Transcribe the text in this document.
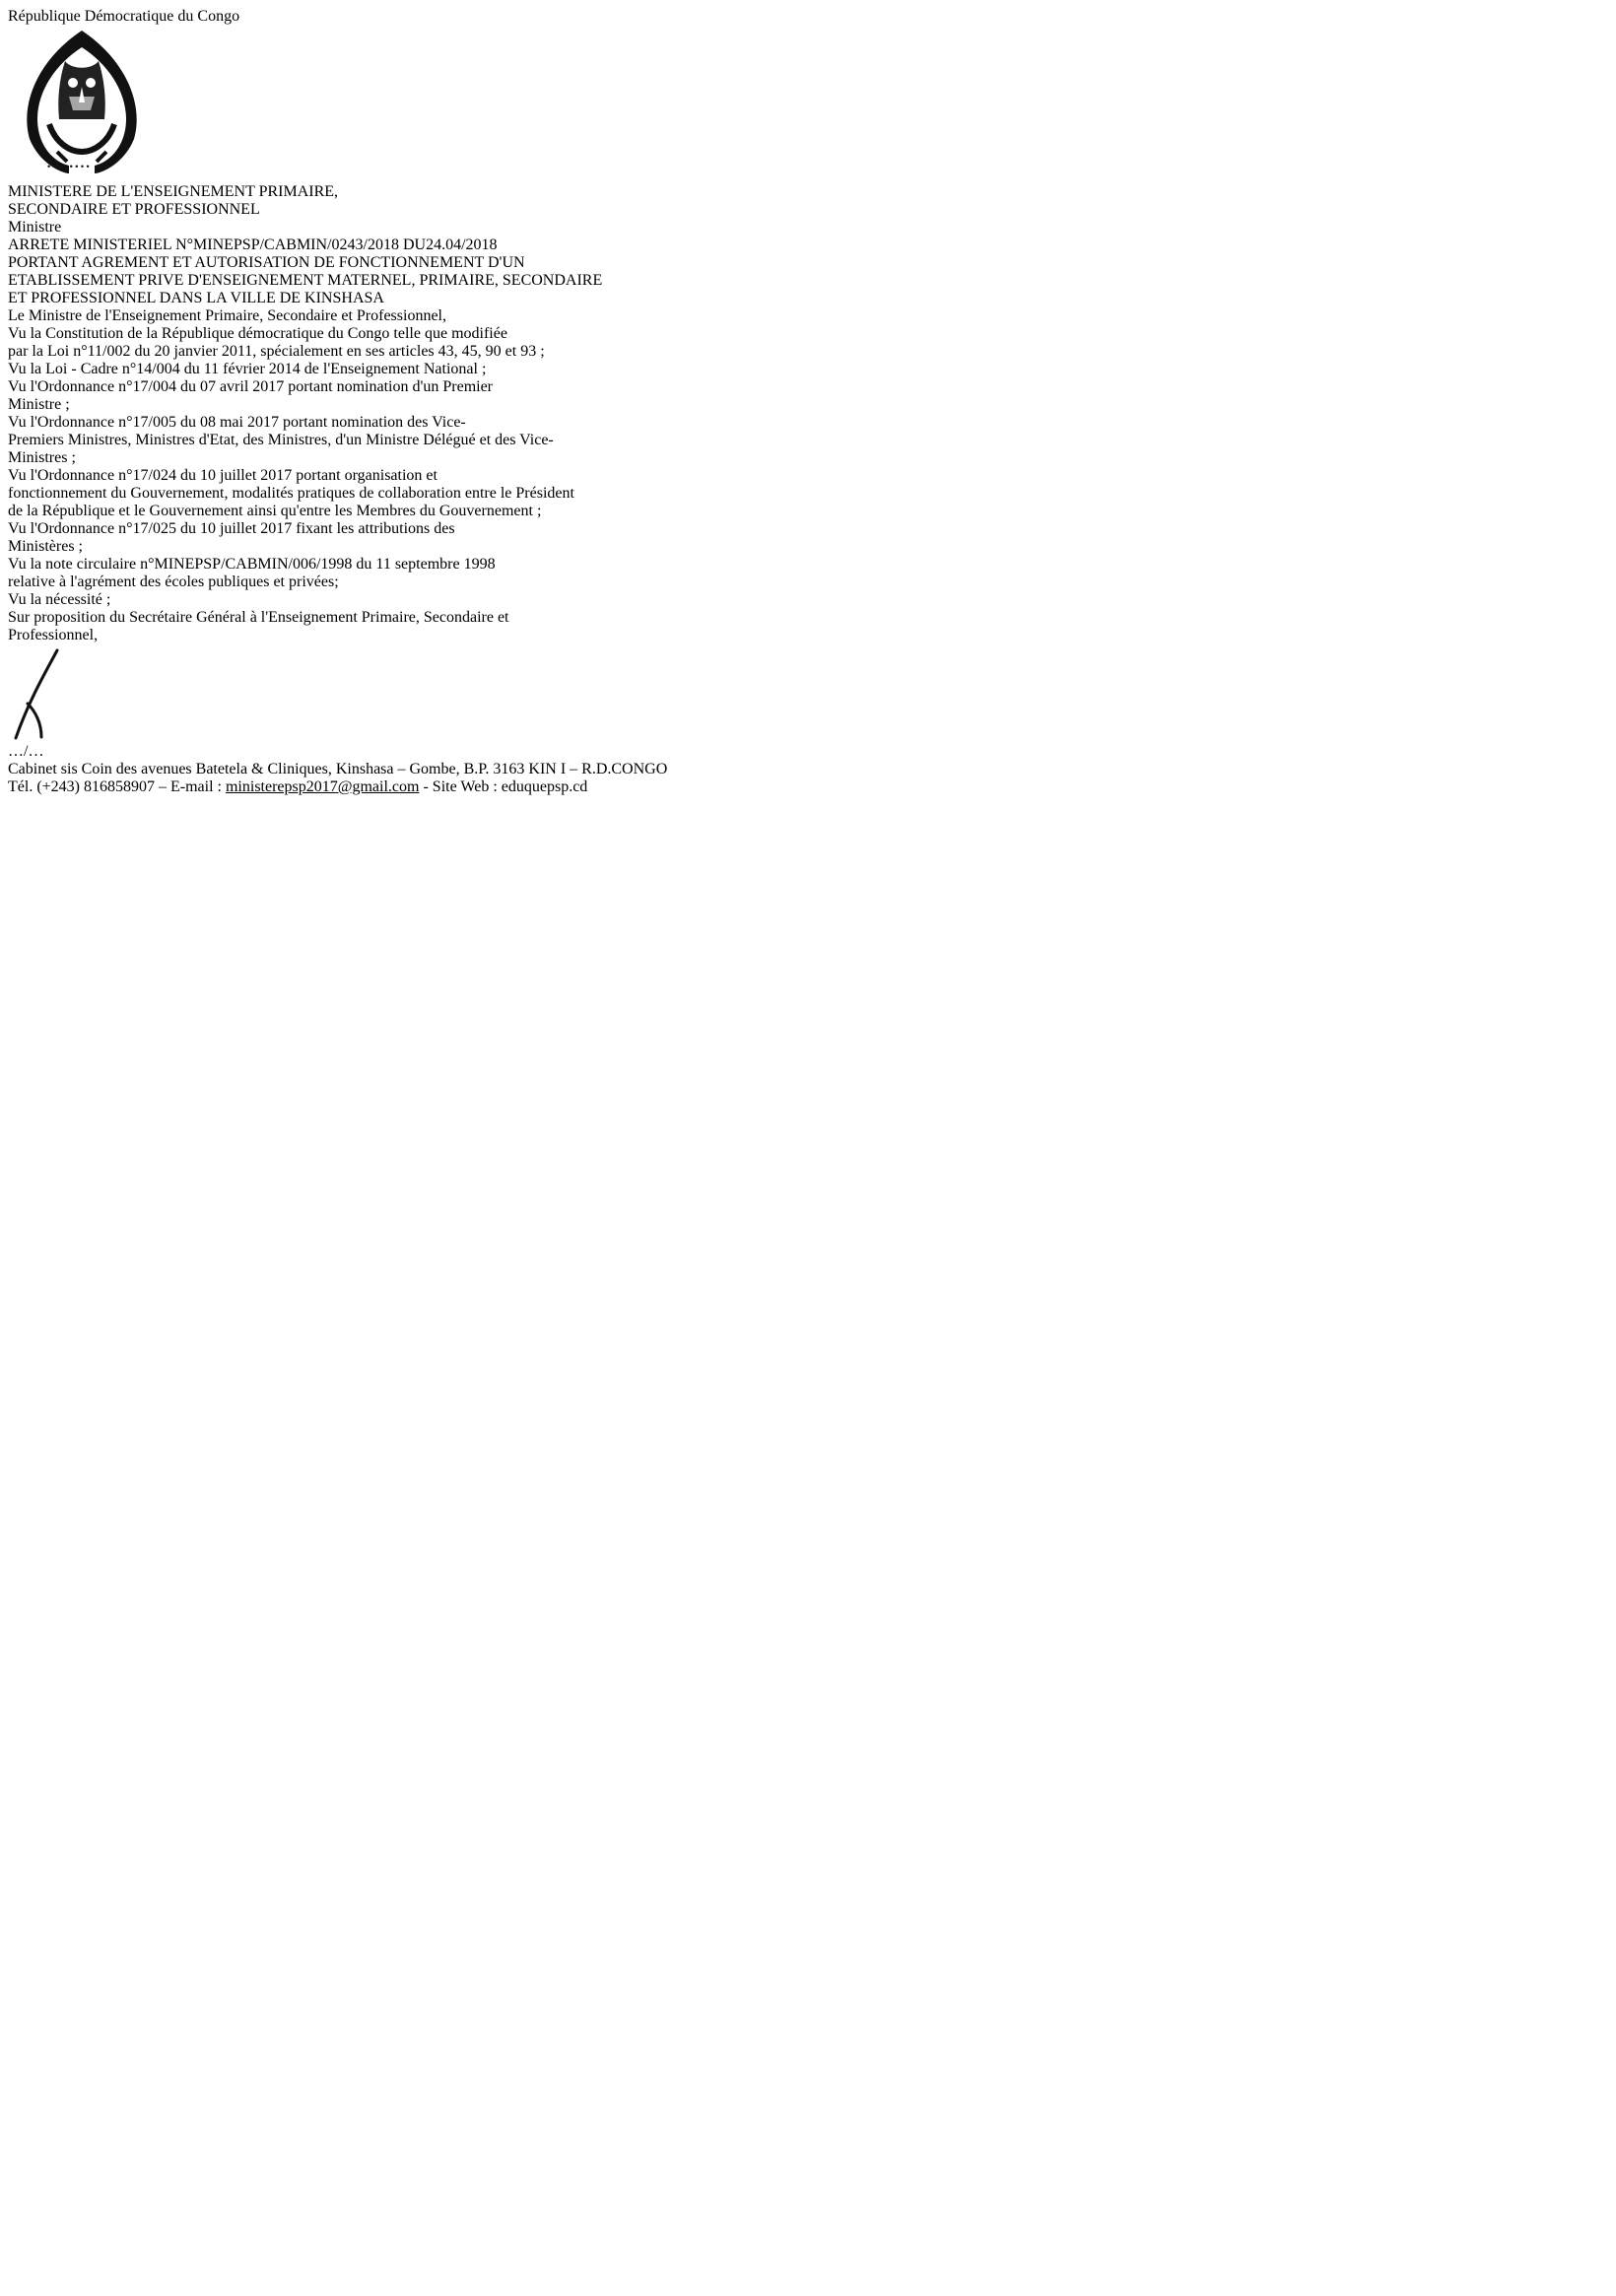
République Démocratique du Congo
• • • • • • • •
MINISTERE DE L'ENSEIGNEMENT PRIMAIRE,
SECONDAIRE ET PROFESSIONNEL
Ministre
ARRETE MINISTERIEL N°MINEPSP/CABMIN/0243/2018 DU24.04/2018
PORTANT AGREMENT ET AUTORISATION DE FONCTIONNEMENT D'UN
ETABLISSEMENT PRIVE D'ENSEIGNEMENT MATERNEL, PRIMAIRE, SECONDAIRE
ET PROFESSIONNEL DANS LA VILLE DE KINSHASA
Le Ministre de l'Enseignement Primaire, Secondaire et Professionnel,
Vu la Constitution de la République démocratique du Congo telle que modifiée
par la Loi n°11/002 du 20 janvier 2011, spécialement en ses articles 43, 45, 90 et 93 ;
Vu la Loi - Cadre n°14/004 du 11 février 2014 de l'Enseignement National ;
Vu l'Ordonnance n°17/004 du 07 avril 2017 portant nomination d'un Premier
Ministre ;
Vu l'Ordonnance n°17/005 du 08 mai 2017 portant nomination des Vice-
Premiers Ministres, Ministres d'Etat, des Ministres, d'un Ministre Délégué et des Vice-
Ministres ;
Vu l'Ordonnance n°17/024 du 10 juillet 2017 portant organisation et
fonctionnement du Gouvernement, modalités pratiques de collaboration entre le Président
de la République et le Gouvernement ainsi qu'entre les Membres du Gouvernement ;
Vu l'Ordonnance n°17/025 du 10 juillet 2017 fixant les attributions des
Ministères ;
Vu la note circulaire n°MINEPSP/CABMIN/006/1998 du 11 septembre 1998
relative à l'agrément des écoles publiques et privées;
Vu la nécessité ;
Sur proposition du Secrétaire Général à l'Enseignement Primaire, Secondaire et
Professionnel,
…/…
Cabinet sis Coin des avenues Batetela & Cliniques, Kinshasa – Gombe, B.P. 3163 KIN I – R.D.CONGO
Tél. (+243) 816858907 – E-mail : ministerepsp2017@gmail.com - Site Web : eduquepsp.cd
